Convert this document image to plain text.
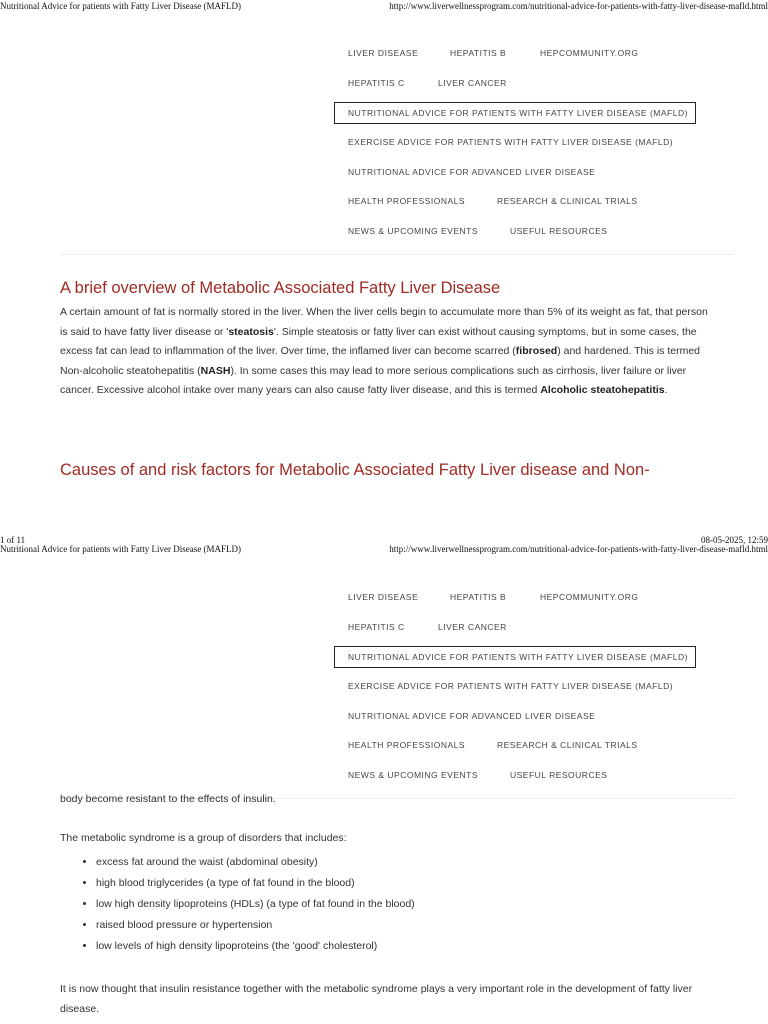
Nutritional Advice for patients with Fatty Liver Disease (MAFLD)	http://www.liverwellnessprogram.com/nutritional-advice-for-patients-with-fatty-liver-disease-mafld.html
LIVER DISEASE	HEPATITIS B	HEPCOMMUNITY.ORG
HEPATITIS C	LIVER CANCER
NUTRITIONAL ADVICE FOR PATIENTS WITH FATTY LIVER DISEASE (MAFLD)
EXERCISE ADVICE FOR PATIENTS WITH FATTY LIVER DISEASE (MAFLD)
NUTRITIONAL ADVICE FOR ADVANCED LIVER DISEASE
HEALTH PROFESSIONALS	RESEARCH & CLINICAL TRIALS
NEWS & UPCOMING EVENTS	USEFUL RESOURCES
A brief overview of Metabolic Associated Fatty Liver Disease

A certain amount of fat is normally stored in the liver. When the liver cells begin to accumulate more than 5% of its weight as fat, that person is said to have fatty liver disease or 'steatosis'. Simple steatosis or fatty liver can exist without causing symptoms, but in some cases, the excess fat can lead to inflammation of the liver. Over time, the inflamed liver can become scarred (fibrosed) and hardened. This is termed Non-alcoholic steatohepatitis (NASH). In some cases this may lead to more serious complications such as cirrhosis, liver failure or liver cancer. Excessive alcohol intake over many years can also cause fatty liver disease, and this is termed Alcoholic steatohepatitis.

Causes of and risk factors for Metabolic Associated Fatty Liver disease and Non-
1 of 11	08-05-2025, 12:59
Nutritional Advice for patients with Fatty Liver Disease (MAFLD)	http://www.liverwellnessprogram.com/nutritional-advice-for-patients-with-fatty-liver-disease-mafld.html
LIVER DISEASE	HEPATITIS B	HEPCOMMUNITY.ORG
HEPATITIS C	LIVER CANCER
NUTRITIONAL ADVICE FOR PATIENTS WITH FATTY LIVER DISEASE (MAFLD)
EXERCISE ADVICE FOR PATIENTS WITH FATTY LIVER DISEASE (MAFLD)
NUTRITIONAL ADVICE FOR ADVANCED LIVER DISEASE
HEALTH PROFESSIONALS	RESEARCH & CLINICAL TRIALS
NEWS & UPCOMING EVENTS	USEFUL RESOURCES

body become resistant to the effects of insulin.

The metabolic syndrome is a group of disorders that includes:

• excess fat around the waist (abdominal obesity)
• high blood triglycerides (a type of fat found in the blood)
• low high density lipoproteins (HDLs) (a type of fat found in the blood)
• raised blood pressure or hypertension
• low levels of high density lipoproteins (the 'good' cholesterol)

It is now thought that insulin resistance together with the metabolic syndrome plays a very important role in the development of fatty liver disease.
